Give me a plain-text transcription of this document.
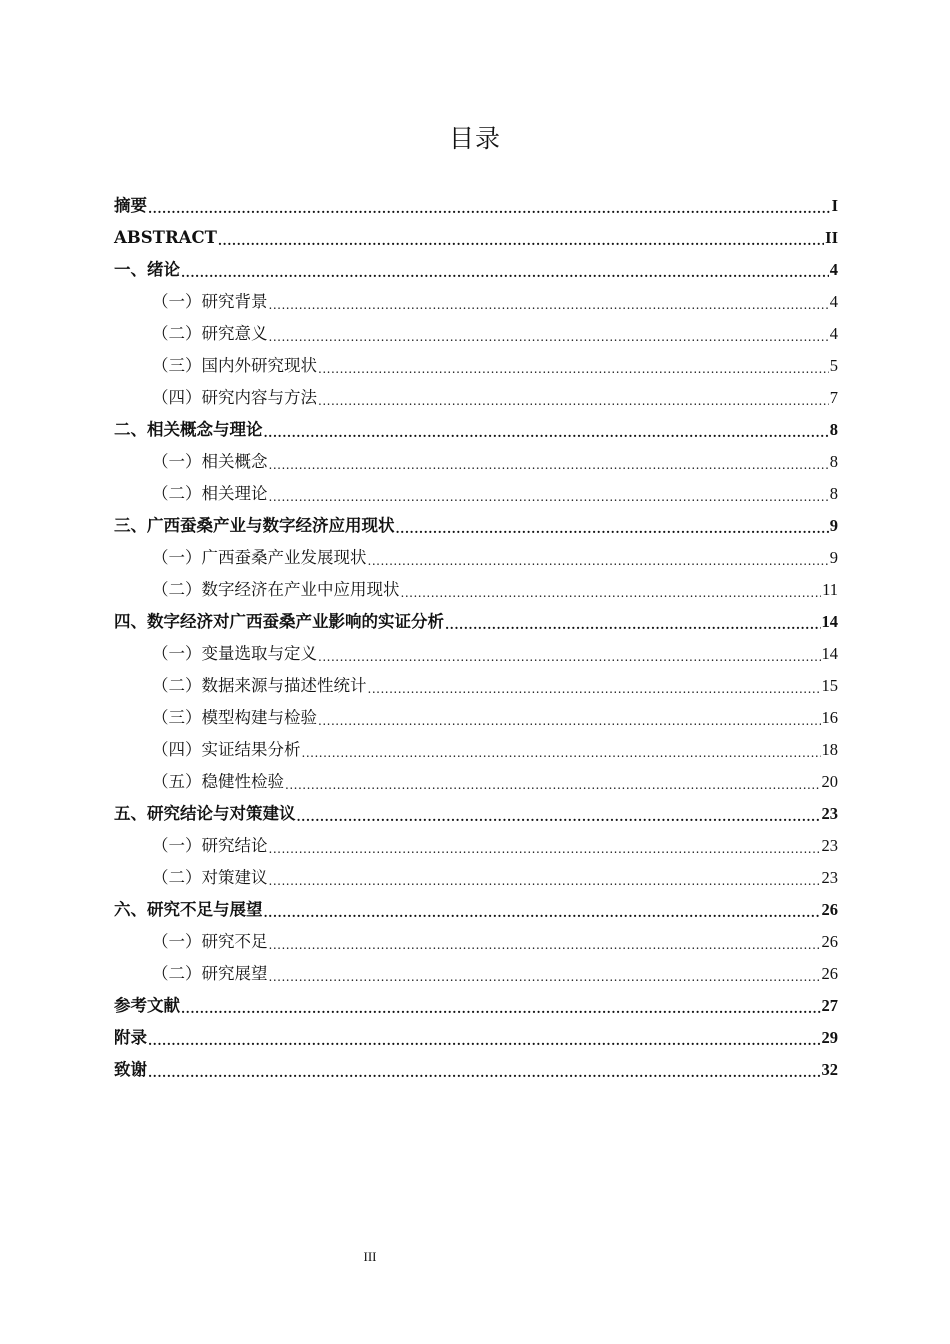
目录
摘要 .....	I
ABSTRACT .....	II
一、绪论 .....	4
（一）研究背景 .....	4
（二）研究意义 .....	4
（三）国内外研究现状 .....	5
（四）研究内容与方法 .....	7
二、相关概念与理论 .....	8
（一）相关概念 .....	8
（二）相关理论 .....	8
三、广西蚕桑产业与数字经济应用现状 .....	9
（一）广西蚕桑产业发展现状 .....	9
（二）数字经济在产业中应用现状 .....	11
四、数字经济对广西蚕桑产业影响的实证分析 .....	14
（一）变量选取与定义 .....	14
（二）数据来源与描述性统计 .....	15
（三）模型构建与检验 .....	16
（四）实证结果分析 .....	18
（五）稳健性检验 .....	20
五、研究结论与对策建议 .....	23
（一）研究结论 .....	23
（二）对策建议 .....	23
六、研究不足与展望 .....	26
（一）研究不足 .....	26
（二）研究展望 .....	26
参考文献 .....	27
附录 .....	29
致谢 .....	32
III
